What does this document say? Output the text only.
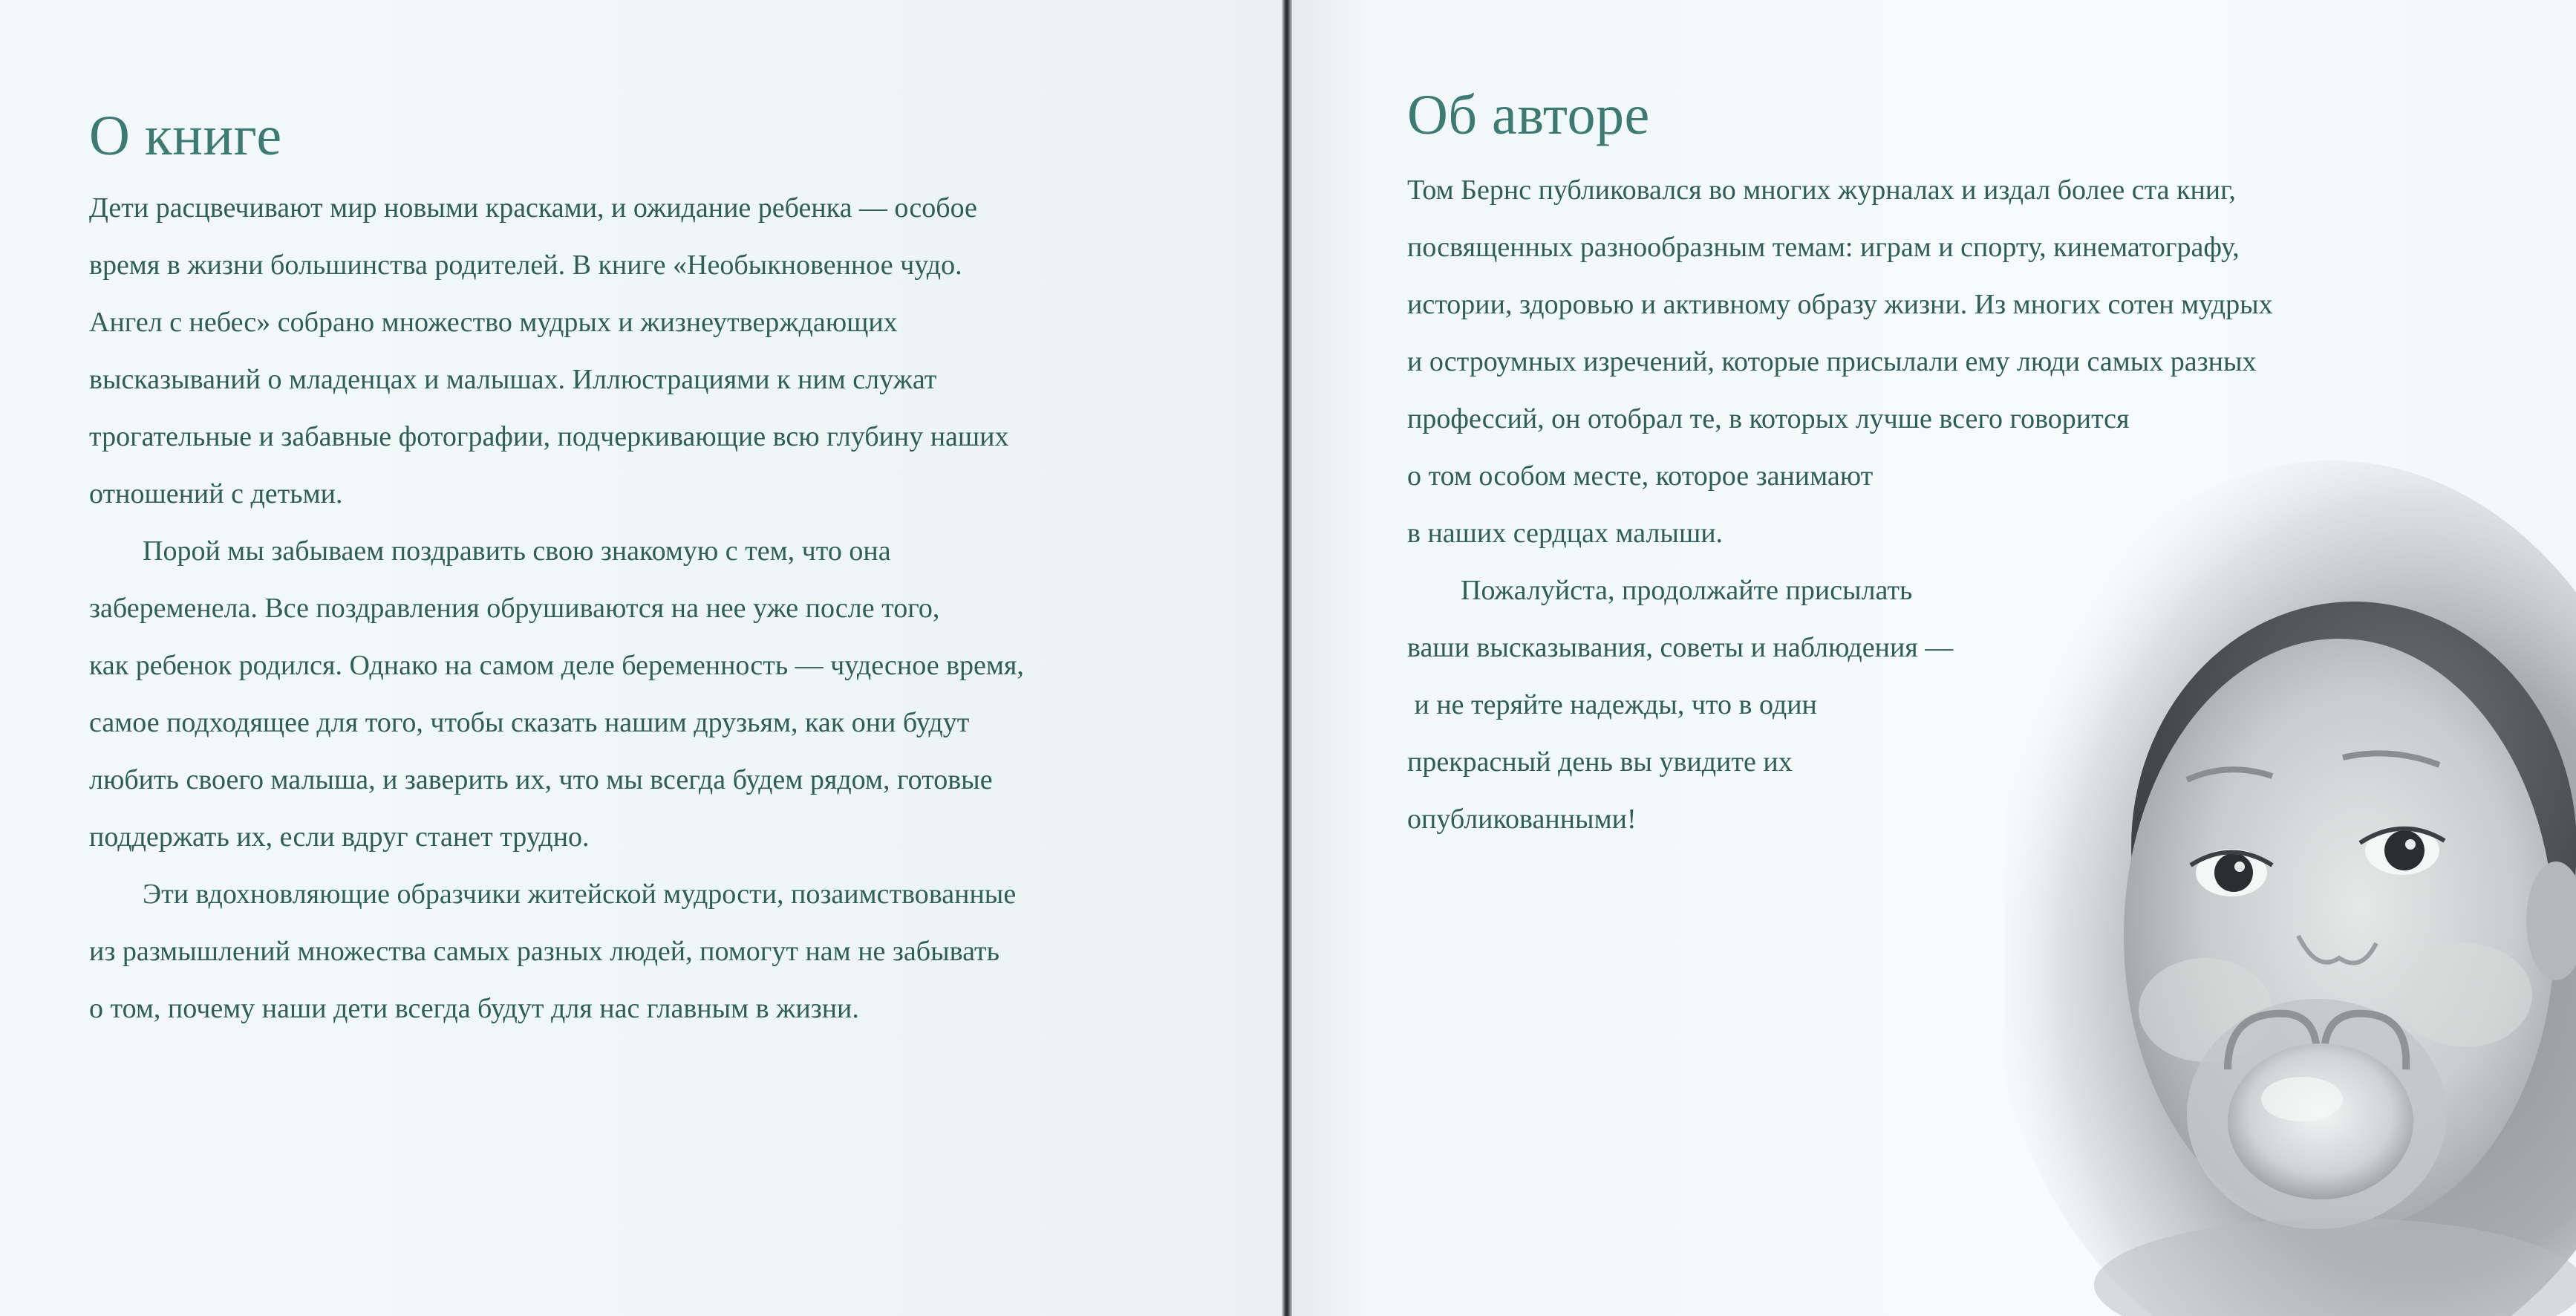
О книге
Дети расцвечивают мир новыми красками, и ожидание ребенка — особое
время в жизни большинства родителей. В книге «Необыкновенное чудо.
Ангел с небес» собрано множество мудрых и жизнеутверждающих
высказываний о младенцах и малышах. Иллюстрациями к ним служат
трогательные и забавные фотографии, подчеркивающие всю глубину наших
отношений с детьми.
Порой мы забываем поздравить свою знакомую с тем, что она
забеременела. Все поздравления обрушиваются на нее уже после того,
как ребенок родился. Однако на самом деле беременность — чудесное время,
самое подходящее для того, чтобы сказать нашим друзьям, как они будут
любить своего малыша, и заверить их, что мы всегда будем рядом, готовые
поддержать их, если вдруг станет трудно.
Эти вдохновляющие образчики житейской мудрости, позаимствованные
из размышлений множества самых разных людей, помогут нам не забывать
о том, почему наши дети всегда будут для нас главным в жизни.
Об авторе
Том Бернс публиковался во многих журналах и издал более ста книг,
посвященных разнообразным темам: играм и спорту, кинематографу,
истории, здоровью и активному образу жизни. Из многих сотен мудрых
и остроумных изречений, которые присылали ему люди самых разных
профессий, он отобрал те, в которых лучше всего говорится
о том особом месте, которое занимают
в наших сердцах малыши.
Пожалуйста, продолжайте присылать
ваши высказывания, советы и наблюдения —
и не теряйте надежды, что в один
прекрасный день вы увидите их
опубликованными!
